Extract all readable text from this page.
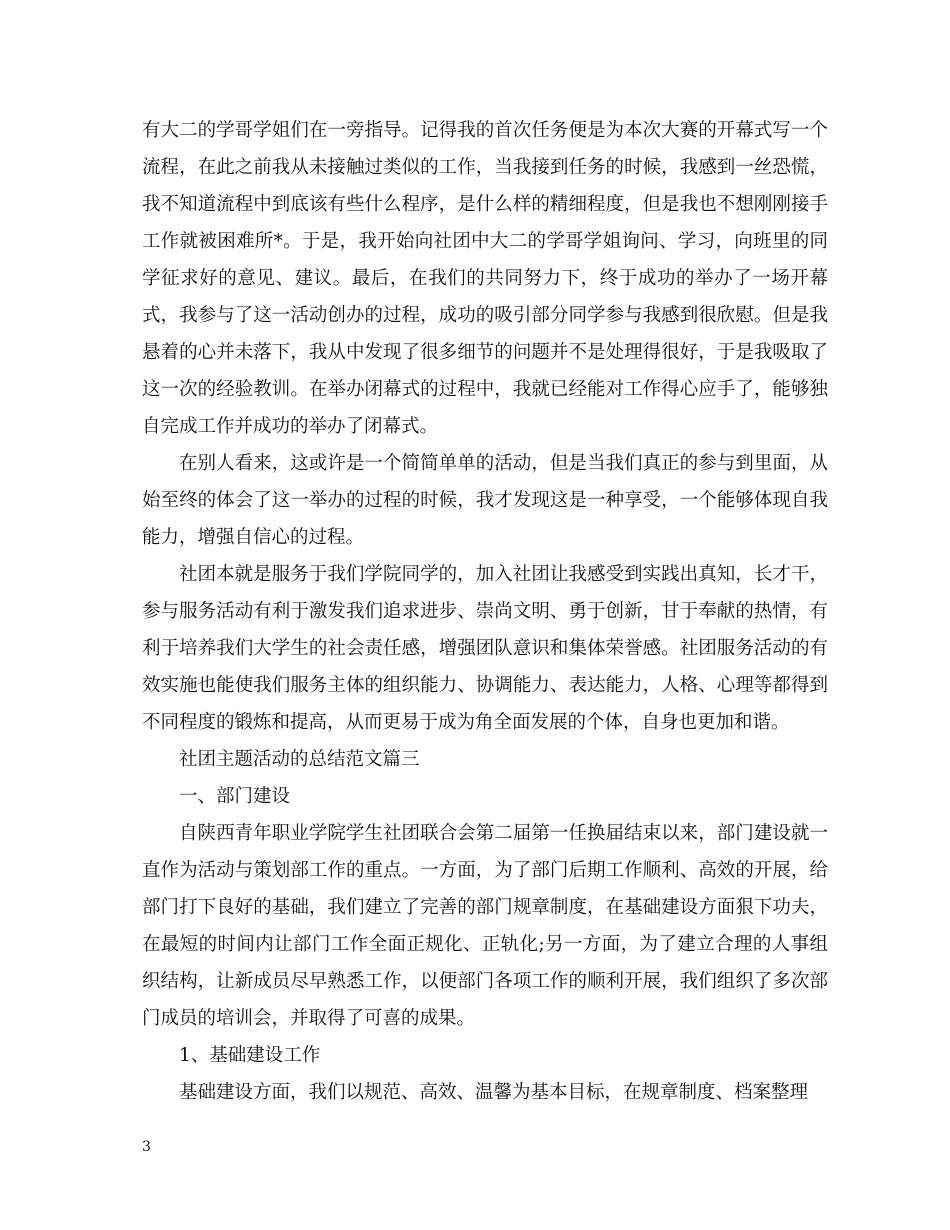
有大二的学哥学姐们在一旁指导。记得我的首次任务便是为本次大赛的开幕式写一个流程，在此之前我从未接触过类似的工作，当我接到任务的时候，我感到一丝恐慌，我不知道流程中到底该有些什么程序，是什么样的精细程度，但是我也不想刚刚接手工作就被困难所*。于是，我开始向社团中大二的学哥学姐询问、学习，向班里的同学征求好的意见、建议。最后，在我们的共同努力下，终于成功的举办了一场开幕式，我参与了这一活动创办的过程，成功的吸引部分同学参与我感到很欣慰。但是我悬着的心并未落下，我从中发现了很多细节的问题并不是处理得很好，于是我吸取了这一次的经验教训。在举办闭幕式的过程中，我就已经能对工作得心应手了，能够独自完成工作并成功的举办了闭幕式。

在别人看来，这或许是一个简简单单的活动，但是当我们真正的参与到里面，从始至终的体会了这一举办的过程的时候，我才发现这是一种享受，一个能够体现自我能力，增强自信心的过程。

社团本就是服务于我们学院同学的，加入社团让我感受到实践出真知，长才干，参与服务活动有利于激发我们追求进步、崇尚文明、勇于创新，甘于奉献的热情，有利于培养我们大学生的社会责任感，增强团队意识和集体荣誉感。社团服务活动的有效实施也能使我们服务主体的组织能力、协调能力、表达能力，人格、心理等都得到不同程度的锻炼和提高，从而更易于成为角全面发展的个体，自身也更加和谐。

社团主题活动的总结范文篇三

一、部门建设

自陕西青年职业学院学生社团联合会第二届第一任换届结束以来，部门建设就一直作为活动与策划部工作的重点。一方面，为了部门后期工作顺利、高效的开展，给部门打下良好的基础，我们建立了完善的部门规章制度，在基础建设方面狠下功夫，在最短的时间内让部门工作全面正规化、正轨化;另一方面，为了建立合理的人事组织结构，让新成员尽早熟悉工作，以便部门各项工作的顺利开展，我们组织了多次部门成员的培训会，并取得了可喜的成果。

1、基础建设工作

基础建设方面，我们以规范、高效、温馨为基本目标，在规章制度、档案整理

3
